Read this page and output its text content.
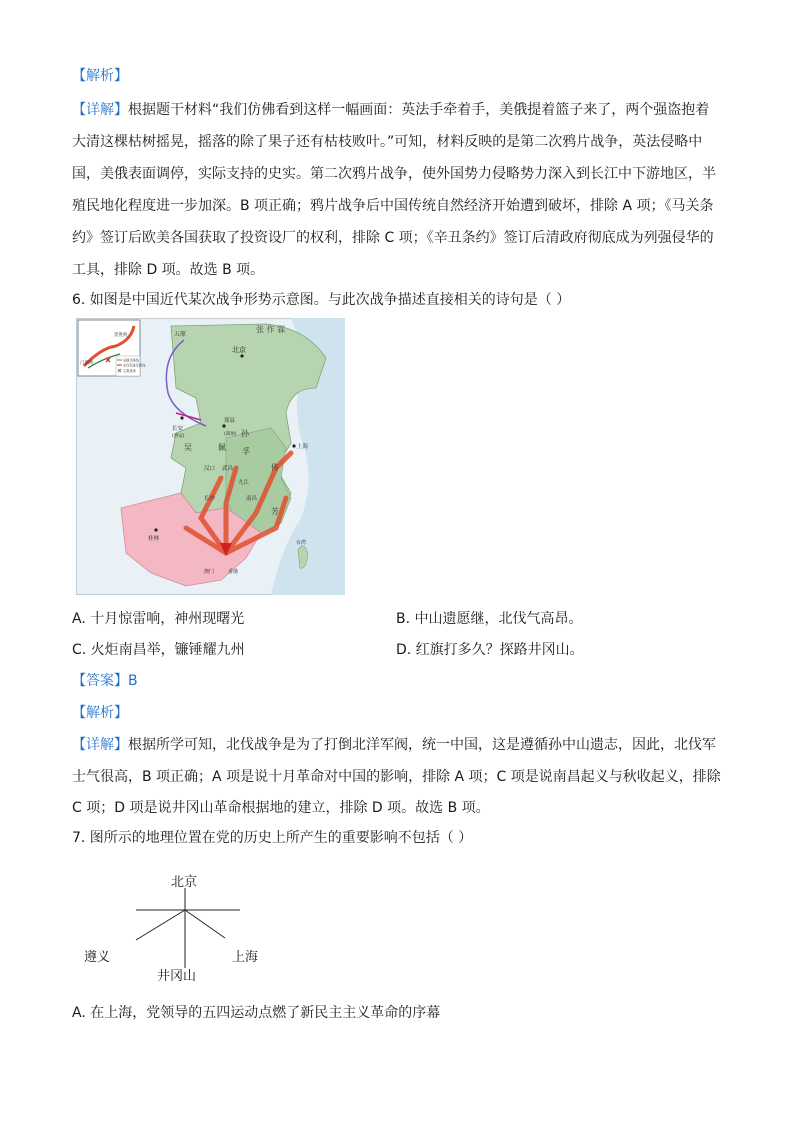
【解析】
【详解】根据题干材料“我们仿佛看到这样一幅画面：英法手牵着手，美俄提着篮子来了，两个强盗抱着
大清这棵枯树摇晃，摇落的除了果子还有枯枝败叶。”可知，材料反映的是第二次鸦片战争，英法侵略中
国，美俄表面调停，实际支持的史实。第二次鸦片战争，使外国势力侵略势力深入到长江中下游地区，半
殖民地化程度进一步加深。B 项正确；鸦片战争后中国传统自然经济开始遭到破坏，排除 A 项；《马关条
约》签订后欧美各国获取了投资设厂的权利，排除 C 项；《辛丑条约》签订后清政府彻底成为列强侵华的
工具，排除 D 项。故选 B 项。
6. 如图是中国近代某次战争形势示意图。与此次战争描述直接相关的诗句是（ ）
贺胜桥
汀泗桥
吴佩孚路线
北伐军进军路线
主要战场
五原
张 作 霖
北京
长安
(西安)
郑县
(郑州) 孙
传
芳
吴	佩 孚
汉口 武昌
九江
南昌
长沙
上海
桂林
澳门	香港
台湾
A. 十月惊雷响，神州现曙光	B. 中山遗愿继，北伐气高昂。
C. 火炬南昌举，镰锤耀九州	D. 红旗打多久？探路井冈山。
【答案】B
【解析】
【详解】根据所学可知，北伐战争是为了打倒北洋军阀，统一中国，这是遵循孙中山遗志，因此，北伐军
士气很高，B 项正确；A 项是说十月革命对中国的影响，排除 A 项；C 项是说南昌起义与秋收起义，排除
C 项；D 项是说井冈山革命根据地的建立，排除 D 项。故选 B 项。
7. 图所示的地理位置在党的历史上所产生的重要影响不包括（ ）
北京
遵义	上海
井冈山
A. 在上海，党领导的五四运动点燃了新民主主义革命的序幕
